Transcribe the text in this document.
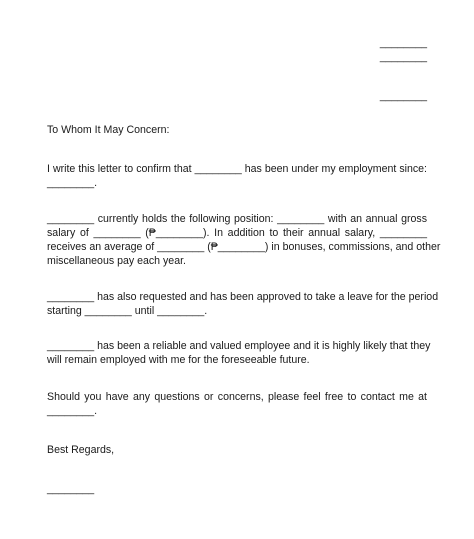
________
________
________
To Whom It May Concern:
I write this letter to confirm that ________ has been under my employment since:
________.
________ currently holds the following position: ________ with an annual gross
salary of ________ (₱________). In addition to their annual salary, ________
receives an average of ________ (₱________) in bonuses, commissions, and other
miscellaneous pay each year.
________ has also requested and has been approved to take a leave for the period
starting ________ until ________.
________ has been a reliable and valued employee and it is highly likely that they
will remain employed with me for the foreseeable future.
Should you have any questions or concerns, please feel free to contact me at
________.
Best Regards,
________
